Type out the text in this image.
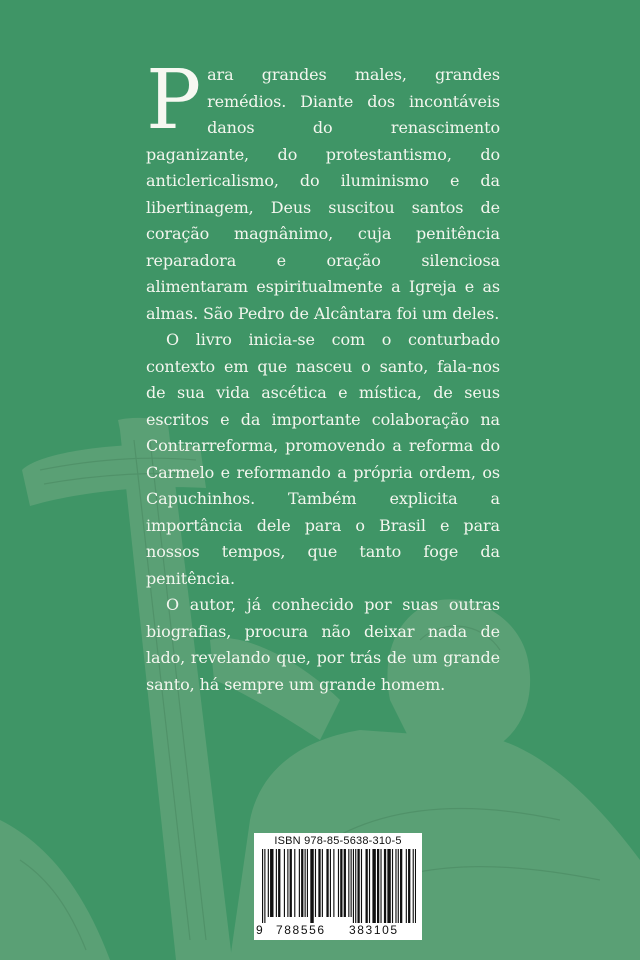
Para grandes males, grandes remédios. Diante dos incontáveis danos do renascimento paganizante, do protestantismo, do anticlericalismo, do iluminismo e da libertinagem, Deus suscitou santos de coração magnânimo, cuja penitência reparadora e oração silenciosa alimentaram espiritualmente a Igreja e as almas. São Pedro de Alcântara foi um deles.

O livro inicia-se com o conturbado contexto em que nasceu o santo, fala-nos de sua vida ascética e mística, de seus escritos e da importante colaboração na Contrarreforma, promovendo a reforma do Carmelo e reformando a própria ordem, os Capuchinhos. Também explicita a importância dele para o Brasil e para nossos tempos, que tanto foge da penitência.

O autor, já conhecido por suas outras biografias, procura não deixar nada de lado, revelando que, por trás de um grande santo, há sempre um grande homem.

ISBN 978-85-5638-310-5
9 788556 383105
